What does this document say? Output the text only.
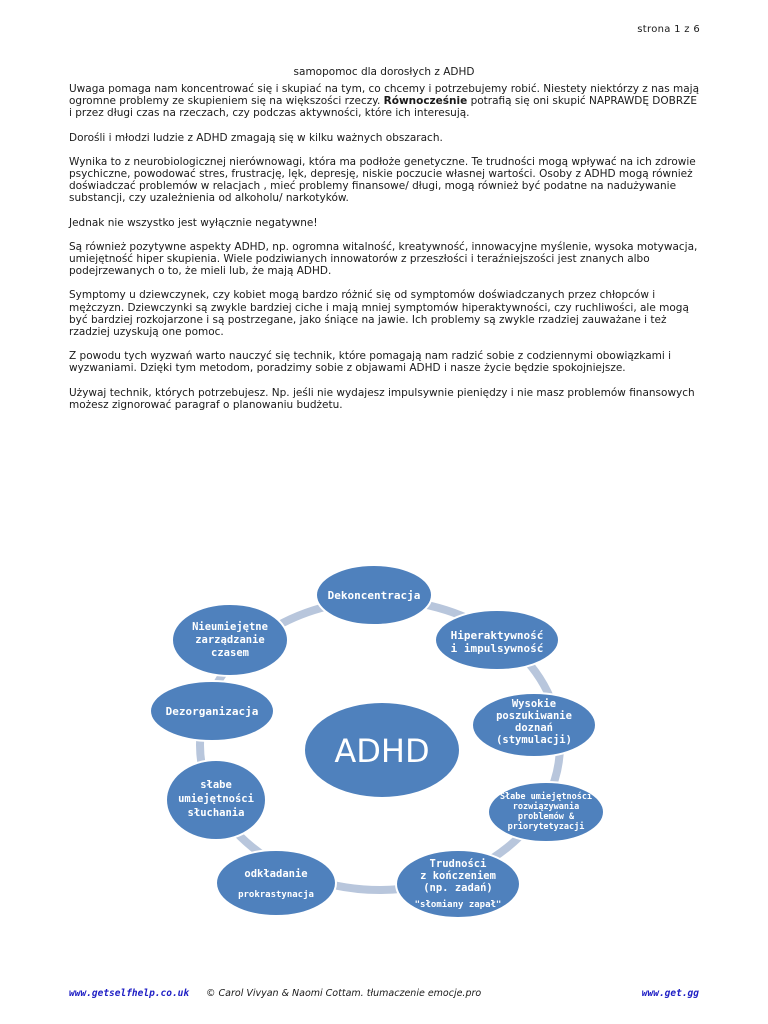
strona 1 z 6
samopomoc dla dorosłych z ADHD

Uwaga pomaga nam koncentrować się i skupiać na tym, co chcemy i potrzebujemy robić. Niestety niektórzy z nas mają ogromne problemy ze skupieniem się na większości rzeczy. Równocześnie potrafią się oni skupić NAPRAWDĘ DOBRZE i przez długi czas na rzeczach, czy podczas aktywności, które ich interesują.

Dorośli i młodzi ludzie z ADHD zmagają się w kilku ważnych obszarach.

Wynika to z neurobiologicznej nierównowagi, która ma podłoże genetyczne. Te trudności mogą wpływać na ich zdrowie psychiczne, powodować stres, frustrację, lęk, depresję, niskie poczucie własnej wartości. Osoby z ADHD mogą również doświadczać problemów w relacjach , mieć problemy finansowe/ długi, mogą również być podatne na nadużywanie substancji, czy uzależnienia od alkoholu/ narkotyków.

Jednak nie wszystko jest wyłącznie negatywne!

Są również pozytywne aspekty ADHD, np. ogromna witalność, kreatywność, innowacyjne myślenie, wysoka motywacja, umiejętność hiper skupienia. Wiele podziwianych innowatorów z przeszłości i teraźniejszości jest znanych albo podejrzewanych o to, że mieli lub, że mają ADHD.

Symptomy u dziewczynek, czy kobiet mogą bardzo różnić się od symptomów doświadczanych przez chłopców i mężczyzn. Dziewczynki są zwykle bardziej ciche i mają mniej symptomów hiperaktywności, czy ruchliwości, ale mogą być bardziej rozkojarzone i są postrzegane, jako śniące na jawie. Ich problemy są zwykle rzadziej zauważane i też rzadziej uzyskują one pomoc.

Z powodu tych wyzwań warto nauczyć się technik, które pomagają nam radzić sobie z codziennymi obowiązkami i wyzwaniami. Dzięki tym metodom, poradzimy sobie z objawami ADHD i nasze życie będzie spokojniejsze.

Używaj technik, których potrzebujesz. Np. jeśli nie wydajesz impulsywnie pieniędzy i nie masz problemów finansowych możesz zignorować paragraf o planowaniu budżetu.

ADHD
Dekoncentracja
Hiperaktywność
i impulsywność
Wysokie
poszukiwanie
doznań
(stymulacji)
Słabe umiejętności
rozwiązywania
problemów &
priorytetyzacji
Trudności
z kończeniem
(np. zadań)
"słomiany zapał"
odkładanie
prokrastynacja
słabe
umiejętności
słuchania
Dezorganizacja
Nieumiejętne
zarządzanie
czasem
www.getselfhelp.co.uk © Carol Vivyan & Naomi Cottam. tłumaczenie emocje.pro	www.get.gg
